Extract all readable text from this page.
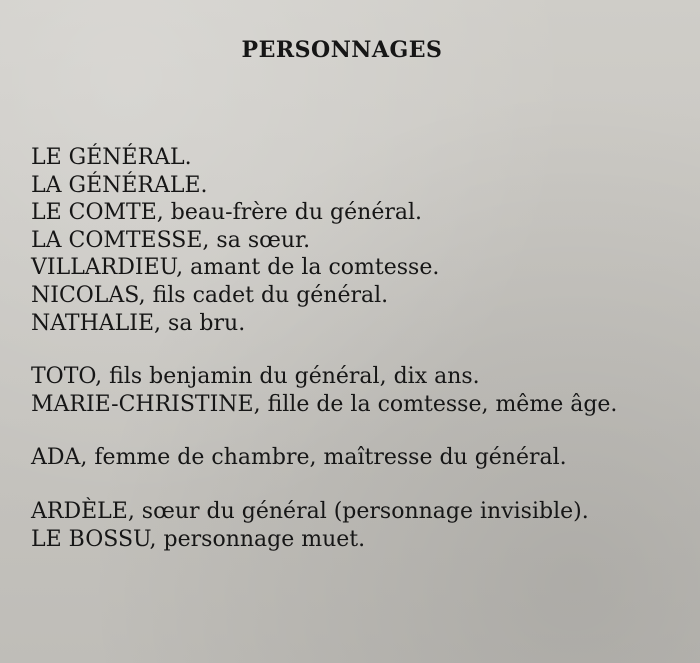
PERSONNAGES
LE GÉNÉRAL.
LA GÉNÉRALE.
LE COMTE, beau-frère du général.
LA COMTESSE, sa sœur.
VILLARDIEU, amant de la comtesse.
NICOLAS, fils cadet du général.
NATHALIE, sa bru.
TOTO, fils benjamin du général, dix ans.
MARIE-CHRISTINE, fille de la comtesse, même âge.
ADA, femme de chambre, maîtresse du général.
ARDÈLE, sœur du général (personnage invisible).
LE BOSSU, personnage muet.
